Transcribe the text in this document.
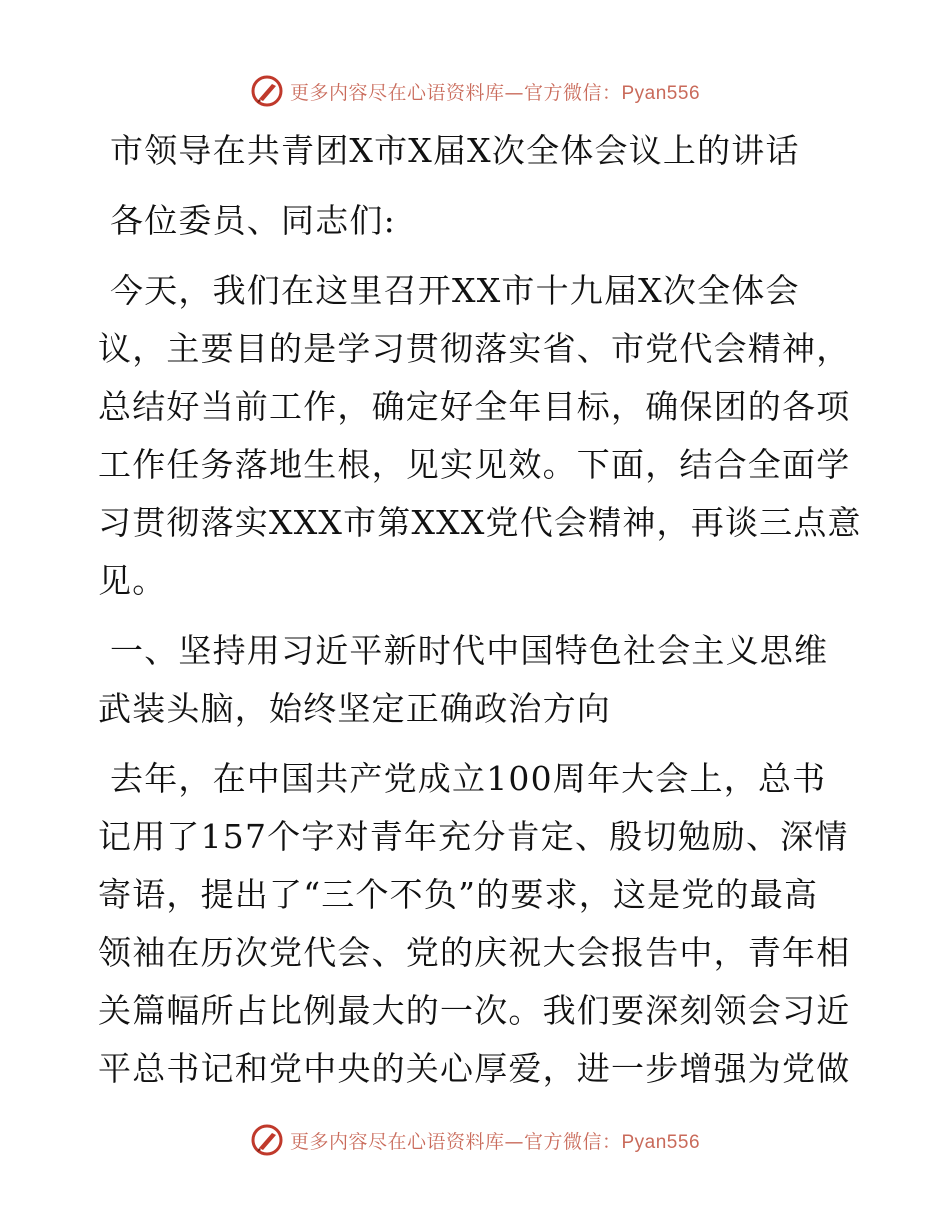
更多内容尽在心语资料库—官方微信：Pyan556
市领导在共青团X市X届X次全体会议上的讲话
各位委员、同志们:
今天，我们在这里召开XX市十九届X次全体会
议，主要目的是学习贯彻落实省、市党代会精神，
总结好当前工作，确定好全年目标，确保团的各项
工作任务落地生根，见实见效。下面，结合全面学
习贯彻落实XXX市第XXX党代会精神，再谈三点意
见。
一、坚持用习近平新时代中国特色社会主义思维
武装头脑，始终坚定正确政治方向
去年，在中国共产党成立100周年大会上，总书
记用了157个字对青年充分肯定、殷切勉励、深情
寄语，提出了“三个不负”的要求，这是党的最高
领袖在历次党代会、党的庆祝大会报告中，青年相
关篇幅所占比例最大的一次。我们要深刻领会习近
平总书记和党中央的关心厚爱，进一步增强为党做
更多内容尽在心语资料库—官方微信：Pyan556
